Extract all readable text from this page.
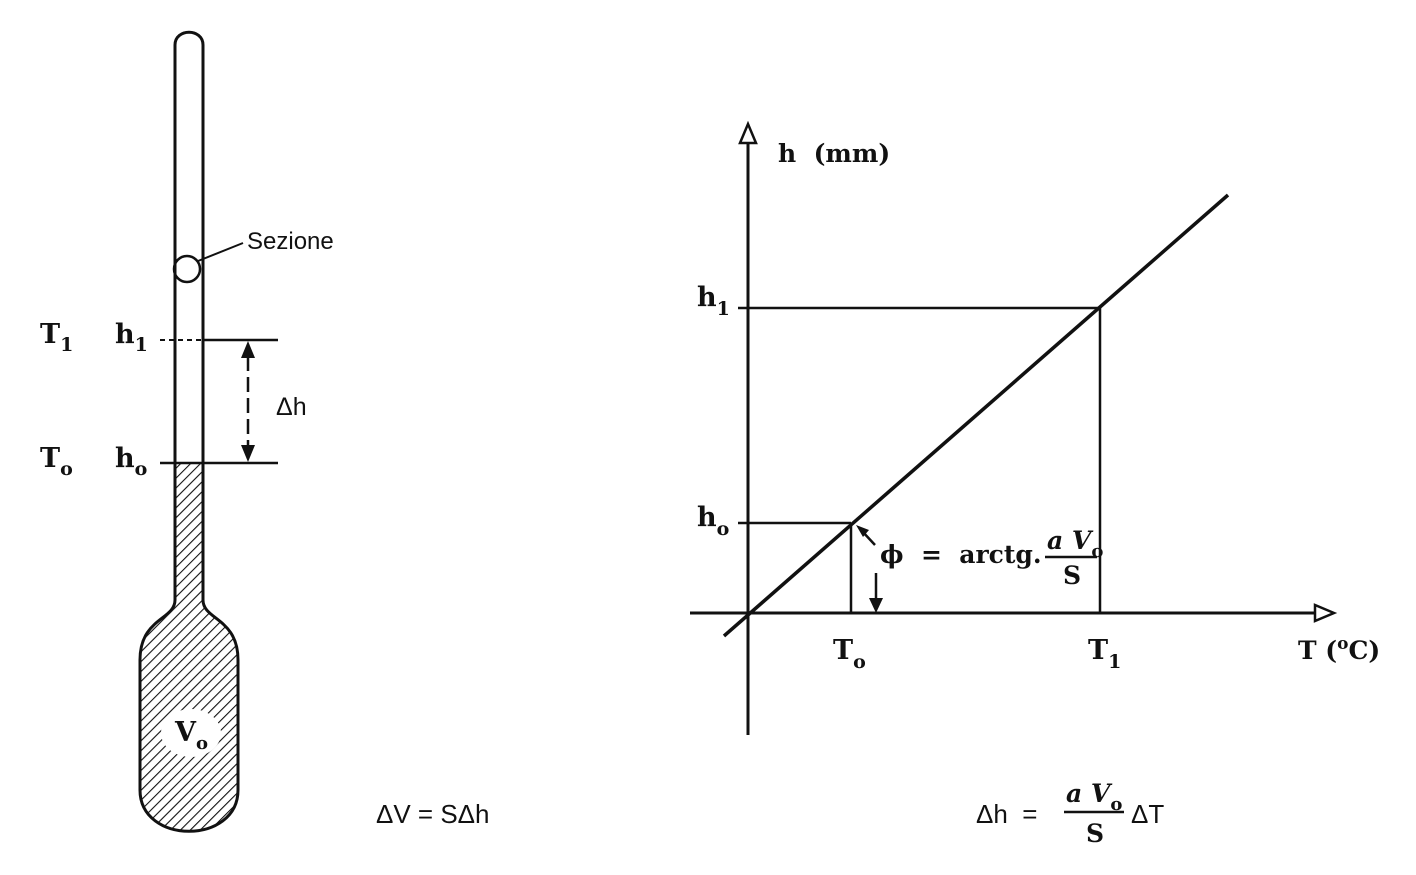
$V_o$
Sezione
Δh
$T_1$ $h_1$
$T_o$ $h_o$
ΔV = SΔh
h  (mm)
T ($^o$C)
$h_1$
$h_o$
$T_o$	$T_1$
ϕ  =  arctg. a $V_o$
S
Δh  =
a $V_o$
S
ΔT
